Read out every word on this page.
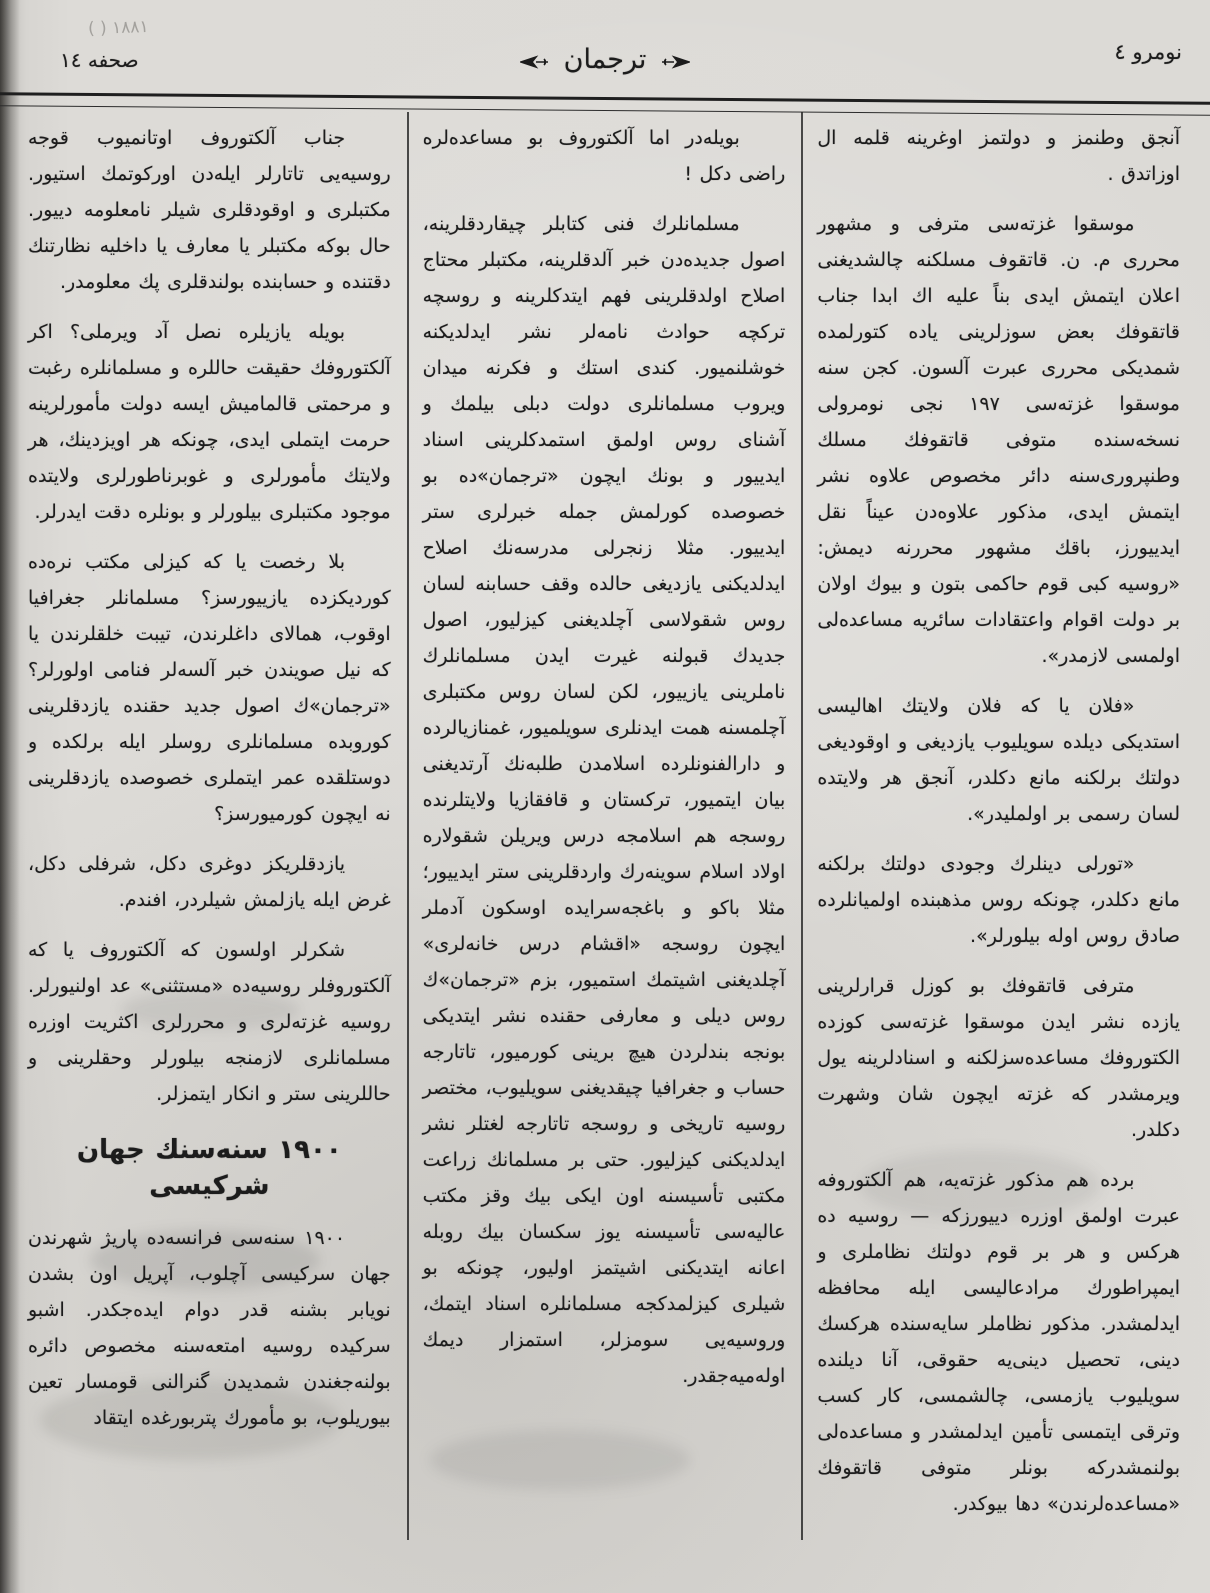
١٨٨١ ( )
صحفه ١٤	ترجمان	نومرو ٤

آنجق وطنمز و دولتمز اوغرينه قلمه ال اوزاتدق .

موسقوا غزته‌سى مترفى و مشهور محررى م. ن. قاتقوف مسلكنه چالشديغنى اعلان ايتمش ايدى بناً عليه اك ابدا جناب قاتقوفك بعض سوزلرينى ياده كتورلمده شمديكى محررى عبرت آلسون. كجن سنه موسقوا غزته‌سى ١٩٧ نجى نومرولى نسخه‌سنده متوفى قاتقوفك مسلك وطنپرورى‌سنه دائر مخصوص علاوه نشر ايتمش ايدى، مذكور علاوه‌دن عيناً نقل ايدييورز، باقك مشهور محررنه ديمش: «روسيه كبى قوم حاكمى بتون و بيوك اولان بر دولت اقوام واعتقادات سائريه مساعده‌لى اولمسى لازمدر».

«فلان يا كه فلان ولايتك اهاليسى استديكى ديلده سويليوب يازديغى و اوقوديغى دولتك برلكنه مانع دكلدر، آنجق هر ولايتده لسان رسمى بر اولمليدر».

«تورلى دينلرك وجودى دولتك برلكنه مانع دكلدر، چونكه روس مذهبنده اولميانلرده صادق روس اوله بيلورلر».

مترفى قاتقوفك بو كوزل قرارلرينى يازده نشر ايدن موسقوا غزته‌سى كوزده الكتوروفك مساعده‌سزلكنه و اسنادلرينه يول ويرمشدر كه غزته ايچون شان وشهرت دكلدر.

برده هم مذكور غزته‌يه، هم آلكتوروفه عبرت اولمق اوزره دييورزكه — روسيه ده هركس و هر بر قوم دولتك نظاملرى و ايمپراطورك مرادعاليسى ايله محافظه ايدلمشدر. مذكور نظاملر سايه‌سنده هركسك دينى، تحصيل دينى‌يه حقوقى، آنا ديلنده سويليوب يازمسى، چالشمسى، كار كسب وترقى ايتمسى تأمين ايدلمشدر و مساعده‌لى بولنمشدركه بونلر متوفى قاتقوفك «مساعده‌لرندن» دها بيوكدر.

بويله‌در اما آلكتوروف بو مساعده‌لره راضى دكل !

مسلمانلرك فنى كتابلر چيقاردقلرينه، اصول جديده‌دن خبر آلدقلرينه، مكتبلر محتاج اصلاح اولدقلرينى فهم ايتدكلرينه و روسچه تركچه حوادث نامه‌لر نشر ايدلديكنه خوشلنميور. كندى استك و فكرنه ميدان ويروب مسلمانلرى دولت دبلى بيلمك و آشناى روس اولمق استمدكلرينى اسناد ايدييور و بونك ايچون «ترجمان»ده بو خصوصده كورلمش جمله خبرلرى ستر ايدييور. مثلا زنجرلى مدرسه‌نك اصلاح ايدلديكنى يازديغى حالده وقف حسابنه لسان روس شقولاسى آچلديغنى كيزليور، اصول جديدك قبولنه غيرت ايدن مسلمانلرك ناملرينى يازييور، لكن لسان روس مكتبلرى آچلمسنه همت ايدنلرى سويلميور، غمنازيالرده و دارالفنونلرده اسلامدن طلبه‌نك آرتديغنى بيان ايتميور، تركستان و قافقازيا ولايتلرنده روسجه هم اسلامجه درس ويريلن شقولاره اولاد اسلام سوينه‌رك واردقلرينى ستر ايدييور؛ مثلا باكو و باغجه‌سرايده اوسكون آدملر ايچون روسجه «اقشام درس خانه‌لرى» آچلديغنى اشيتمك استميور، بزم «ترجمان»ك روس ديلى و معارفى حقنده نشر ايتديكى بونجه بندلردن هيچ برينى كورميور، تاتارجه حساب و جغرافيا چيقديغنى سويليوب، مختصر روسيه تاريخى و روسجه تاتارجه لغتلر نشر ايدلديكنى كيزليور. حتى بر مسلمانك زراعت مكتبى تأسيسنه اون ايكى بيك وقز مكتب عاليه‌سى تأسيسنه يوز سكسان بيك روبله اعانه ايتديكنى اشيتمز اوليور، چونكه بو شيلرى كيزلمدكجه مسلمانلره اسناد ايتمك، وروسيه‌يى سومزلر، استمزار ديمك اوله‌ميه‌جقدر.

جناب آلكتوروف اوتانميوب قوجه روسيه‌يى تاتارلر ايله‌دن اوركوتمك استيور. مكتبلرى و اوقودقلرى شيلر نامعلومه دييور. حال بوكه مكتبلر يا معارف يا داخليه نظارتنك دقتنده و حسابنده بولندقلرى پك معلومدر.

بويله يازيلره نصل آد ويرملى؟ اكر آلكتوروفك حقيقت حاللره و مسلمانلره رغبت و مرحمتى قالماميش ايسه دولت مأمورلرينه حرمت ايتملى ايدى، چونكه هر اويزدينك، هر ولايتك مأمورلرى و غوبرناطورلرى ولايتده موجود مكتبلرى بيلورلر و بونلره دقت ايدرلر.

بلا رخصت يا كه كيزلى مكتب نره‌ده كورديكزده يازييورسز؟ مسلمانلر جغرافيا اوقوب، همالاى داغلرندن، تيبت خلقلرندن يا كه نيل صويندن خبر آلسه‌لر فنامى اولورلر؟ «ترجمان»ك اصول جديد حقنده يازدقلرينى كوروبده مسلمانلرى روسلر ايله برلكده و دوستلقده عمر ايتملرى خصوصده يازدقلرينى نه ايچون كورميورسز؟

يازدقلريكز دوغرى دكل، شرفلى دكل، غرض ايله يازلمش شيلردر، افندم.

شكرلر اولسون كه آلكتوروف يا كه آلكتوروفلر روسيه‌ده «مستثنى» عد اولنيورلر. روسيه غزته‌لرى و محررلرى اكثريت اوزره مسلمانلرى لازمنجه بيلورلر وحقلرينى و حاللرينى ستر و انكار ايتمزلر.

١٩٠٠ سنه‌سنك جهان شركيسى

١٩٠٠ سنه‌سى فرانسه‌ده پاريژ شهرندن جهان سركيسى آچلوب، آپريل اون بشدن نويابر بشنه قدر دوام ايده‌جكدر. اشبو سركيده روسيه امتعه‌سنه مخصوص دائره بولنه‌جغندن شمديدن گنرالنى قومسار تعين بيوريلوب، بو مأمورك پتربورغده ايتقاد
